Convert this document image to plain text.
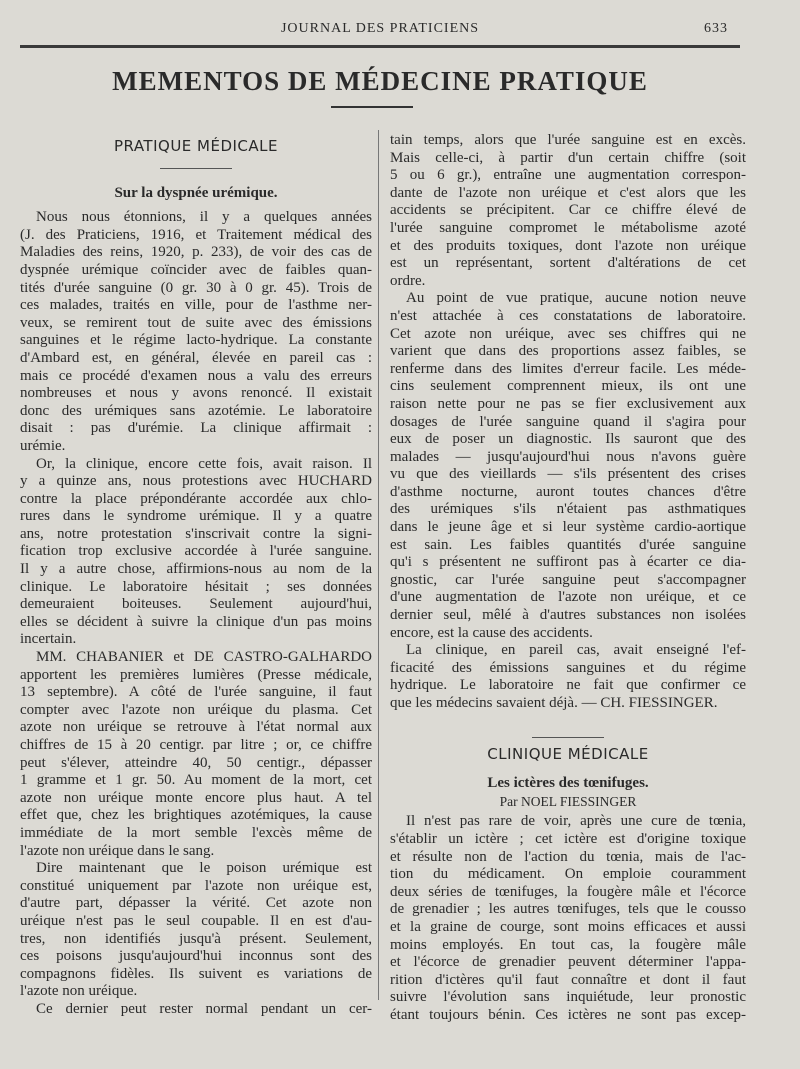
JOURNAL DES PRATICIENS	633
MEMENTOS DE MÉDECINE PRATIQUE
PRATIQUE MÉDICALE
Sur la dyspnée urémique.

Nous nous étonnions, il y a quelques années
(J. des Praticiens, 1916, et Traitement médical des
Maladies des reins, 1920, p. 233), de voir des cas de
dyspnée urémique coïncider avec de faibles quan-
tités d'urée sanguine (0 gr. 30 à 0 gr. 45). Trois de
ces malades, traités en ville, pour de l'asthme ner-
veux, se remirent tout de suite avec des émissions
sanguines et le régime lacto-hydrique. La constante
d'Ambard est, en général, élevée en pareil cas :
mais ce procédé d'examen nous a valu des erreurs
nombreuses et nous y avons renoncé. Il existait
donc des urémiques sans azotémie. Le laboratoire
disait : pas d'urémie. La clinique affirmait :
urémie.

Or, la clinique, encore cette fois, avait raison. Il
y a quinze ans, nous protestions avec HUCHARD
contre la place prépondérante accordée aux chlo-
rures dans le syndrome urémique. Il y a quatre
ans, notre protestation s'inscrivait contre la signi-
fication trop exclusive accordée à l'urée sanguine.
Il y a autre chose, affirmions-nous au nom de la
clinique. Le laboratoire hésitait ; ses données
demeuraient boiteuses. Seulement aujourd'hui,
elles se décident à suivre la clinique d'un pas moins
incertain.

MM. CHABANIER et DE CASTRO-GALHARDO
apportent les premières lumières (Presse médicale,
13 septembre). A côté de l'urée sanguine, il faut
compter avec l'azote non uréique du plasma. Cet
azote non uréique se retrouve à l'état normal aux
chiffres de 15 à 20 centigr. par litre ; or, ce chiffre
peut s'élever, atteindre 40, 50 centigr., dépasser
1 gramme et 1 gr. 50. Au moment de la mort, cet
azote non uréique monte encore plus haut. A tel
effet que, chez les brightiques azotémiques, la cause
immédiate de la mort semble l'excès même de
l'azote non uréique dans le sang.

Dire maintenant que le poison urémique est
constitué uniquement par l'azote non uréique est,
d'autre part, dépasser la vérité. Cet azote non
uréique n'est pas le seul coupable. Il en est d'au-
tres, non identifiés jusqu'à présent. Seulement,
ces poisons jusqu'aujourd'hui inconnus sont des
compagnons fidèles. Ils suivent es variations de
l'azote non uréique.

Ce dernier peut rester normal pendant un cer-

tain temps, alors que l'urée sanguine est en excès.
Mais celle-ci, à partir d'un certain chiffre (soit
5 ou 6 gr.), entraîne une augmentation correspon-
dante de l'azote non uréique et c'est alors que les
accidents se précipitent. Car ce chiffre élevé de
l'urée sanguine compromet le métabolisme azoté
et des produits toxiques, dont l'azote non uréique
est un représentant, sortent d'altérations de cet
ordre.

Au point de vue pratique, aucune notion neuve
n'est attachée à ces constatations de laboratoire.
Cet azote non uréique, avec ses chiffres qui ne
varient que dans des proportions assez faibles, se
renferme dans des limites d'erreur facile. Les méde-
cins seulement comprennent mieux, ils ont une
raison nette pour ne pas se fier exclusivement aux
dosages de l'urée sanguine quand il s'agira pour
eux de poser un diagnostic. Ils sauront que des
malades — jusqu'aujourd'hui nous n'avons guère
vu que des vieillards — s'ils présentent des crises
d'asthme nocturne, auront toutes chances d'être
des urémiques s'ils n'étaient pas asthmatiques
dans le jeune âge et si leur système cardio-aortique
est sain. Les faibles quantités d'urée sanguine
qu'i s présentent ne suffiront pas à écarter ce dia-
gnostic, car l'urée sanguine peut s'accompagner
d'une augmentation de l'azote non uréique, et ce
dernier seul, mêlé à d'autres substances non isolées
encore, est la cause des accidents.

La clinique, en pareil cas, avait enseigné l'ef-
ficacité des émissions sanguines et du régime
hydrique. Le laboratoire ne fait que confirmer ce
que les médecins savaient déjà. — CH. FIESSINGER.

CLINIQUE MÉDICALE
Les ictères des tœnifuges.
Par NOEL FIESSINGER

Il n'est pas rare de voir, après une cure de tœnia,
s'établir un ictère ; cet ictère est d'origine toxique
et résulte non de l'action du tœnia, mais de l'ac-
tion du médicament. On emploie couramment
deux séries de tœnifuges, la fougère mâle et l'écorce
de grenadier ; les autres tœnifuges, tels que le cousso
et la graine de courge, sont moins efficaces et aussi
moins employés. En tout cas, la fougère mâle
et l'écorce de grenadier peuvent déterminer l'appa-
rition d'ictères qu'il faut connaître et dont il faut
suivre l'évolution sans inquiétude, leur pronostic
étant toujours bénin. Ces ictères ne sont pas excep-
